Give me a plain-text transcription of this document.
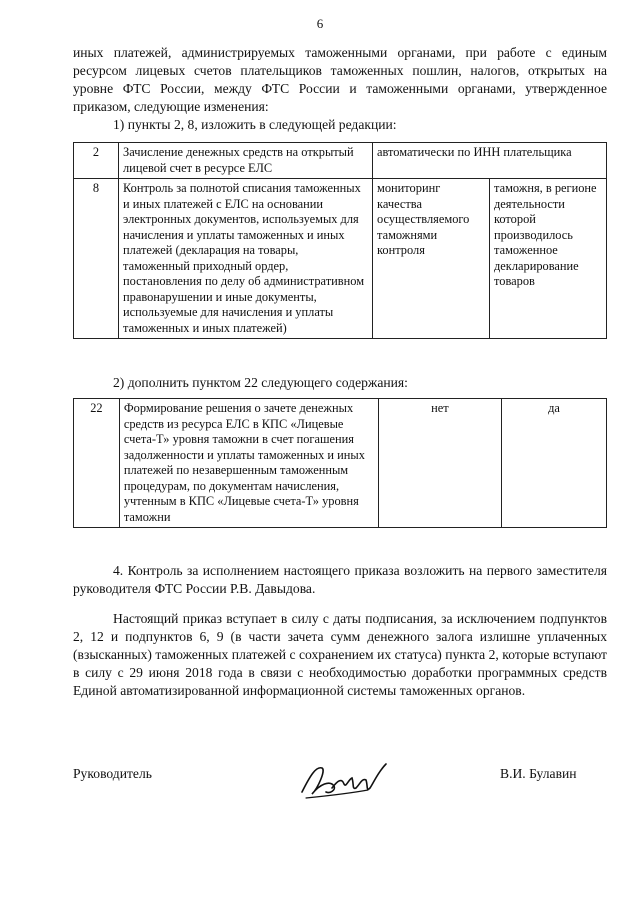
6

иных платежей, администрируемых таможенными органами, при работе с единым ресурсом лицевых счетов плательщиков таможенных пошлин, налогов, открытых на уровне ФТС России, между ФТС России и таможенными органами, утвержденное приказом, следующие изменения:

1) пункты 2, 8, изложить в следующей редакции:

2	Зачисление денежных средств на открытый лицевой счет в ресурсе ЕЛС	автоматически по ИНН плательщика	
8	Контроль за полнотой списания таможенных и иных платежей с ЕЛС на основании электронных документов, используемых для начисления и уплаты таможенных и иных платежей (декларация на товары, таможенный приходный ордер, постановления по делу об административном правонарушении и иные документы, используемые для начисления и уплаты таможенных и иных платежей)	мониторинг качества осуществляемого таможнями контроля	таможня, в регионе деятельности которой производилось таможенное декларирование товаров

2) дополнить пунктом 22 следующего содержания:

22	Формирование решения о зачете денежных средств из ресурса ЕЛС в КПС «Лицевые счета-Т» уровня таможни в счет погашения задолженности и уплаты таможенных и иных платежей по незавершенным таможенным процедурам, по документам начисления, учтенным в КПС «Лицевые счета-Т» уровня таможни	нет	да

4. Контроль за исполнением настоящего приказа возложить на первого заместителя руководителя ФТС России Р.В. Давыдова.

Настоящий приказ вступает в силу с даты подписания, за исключением подпунктов 2, 12 и подпунктов 6, 9 (в части зачета сумм денежного залога излишне уплаченных (взысканных) таможенных платежей с сохранением их статуса) пункта 2, которые вступают в силу с 29 июня 2018 года в связи с необходимостью доработки программных средств Единой автоматизированной информационной системы таможенных органов.

Руководитель	В.И. Булавин
